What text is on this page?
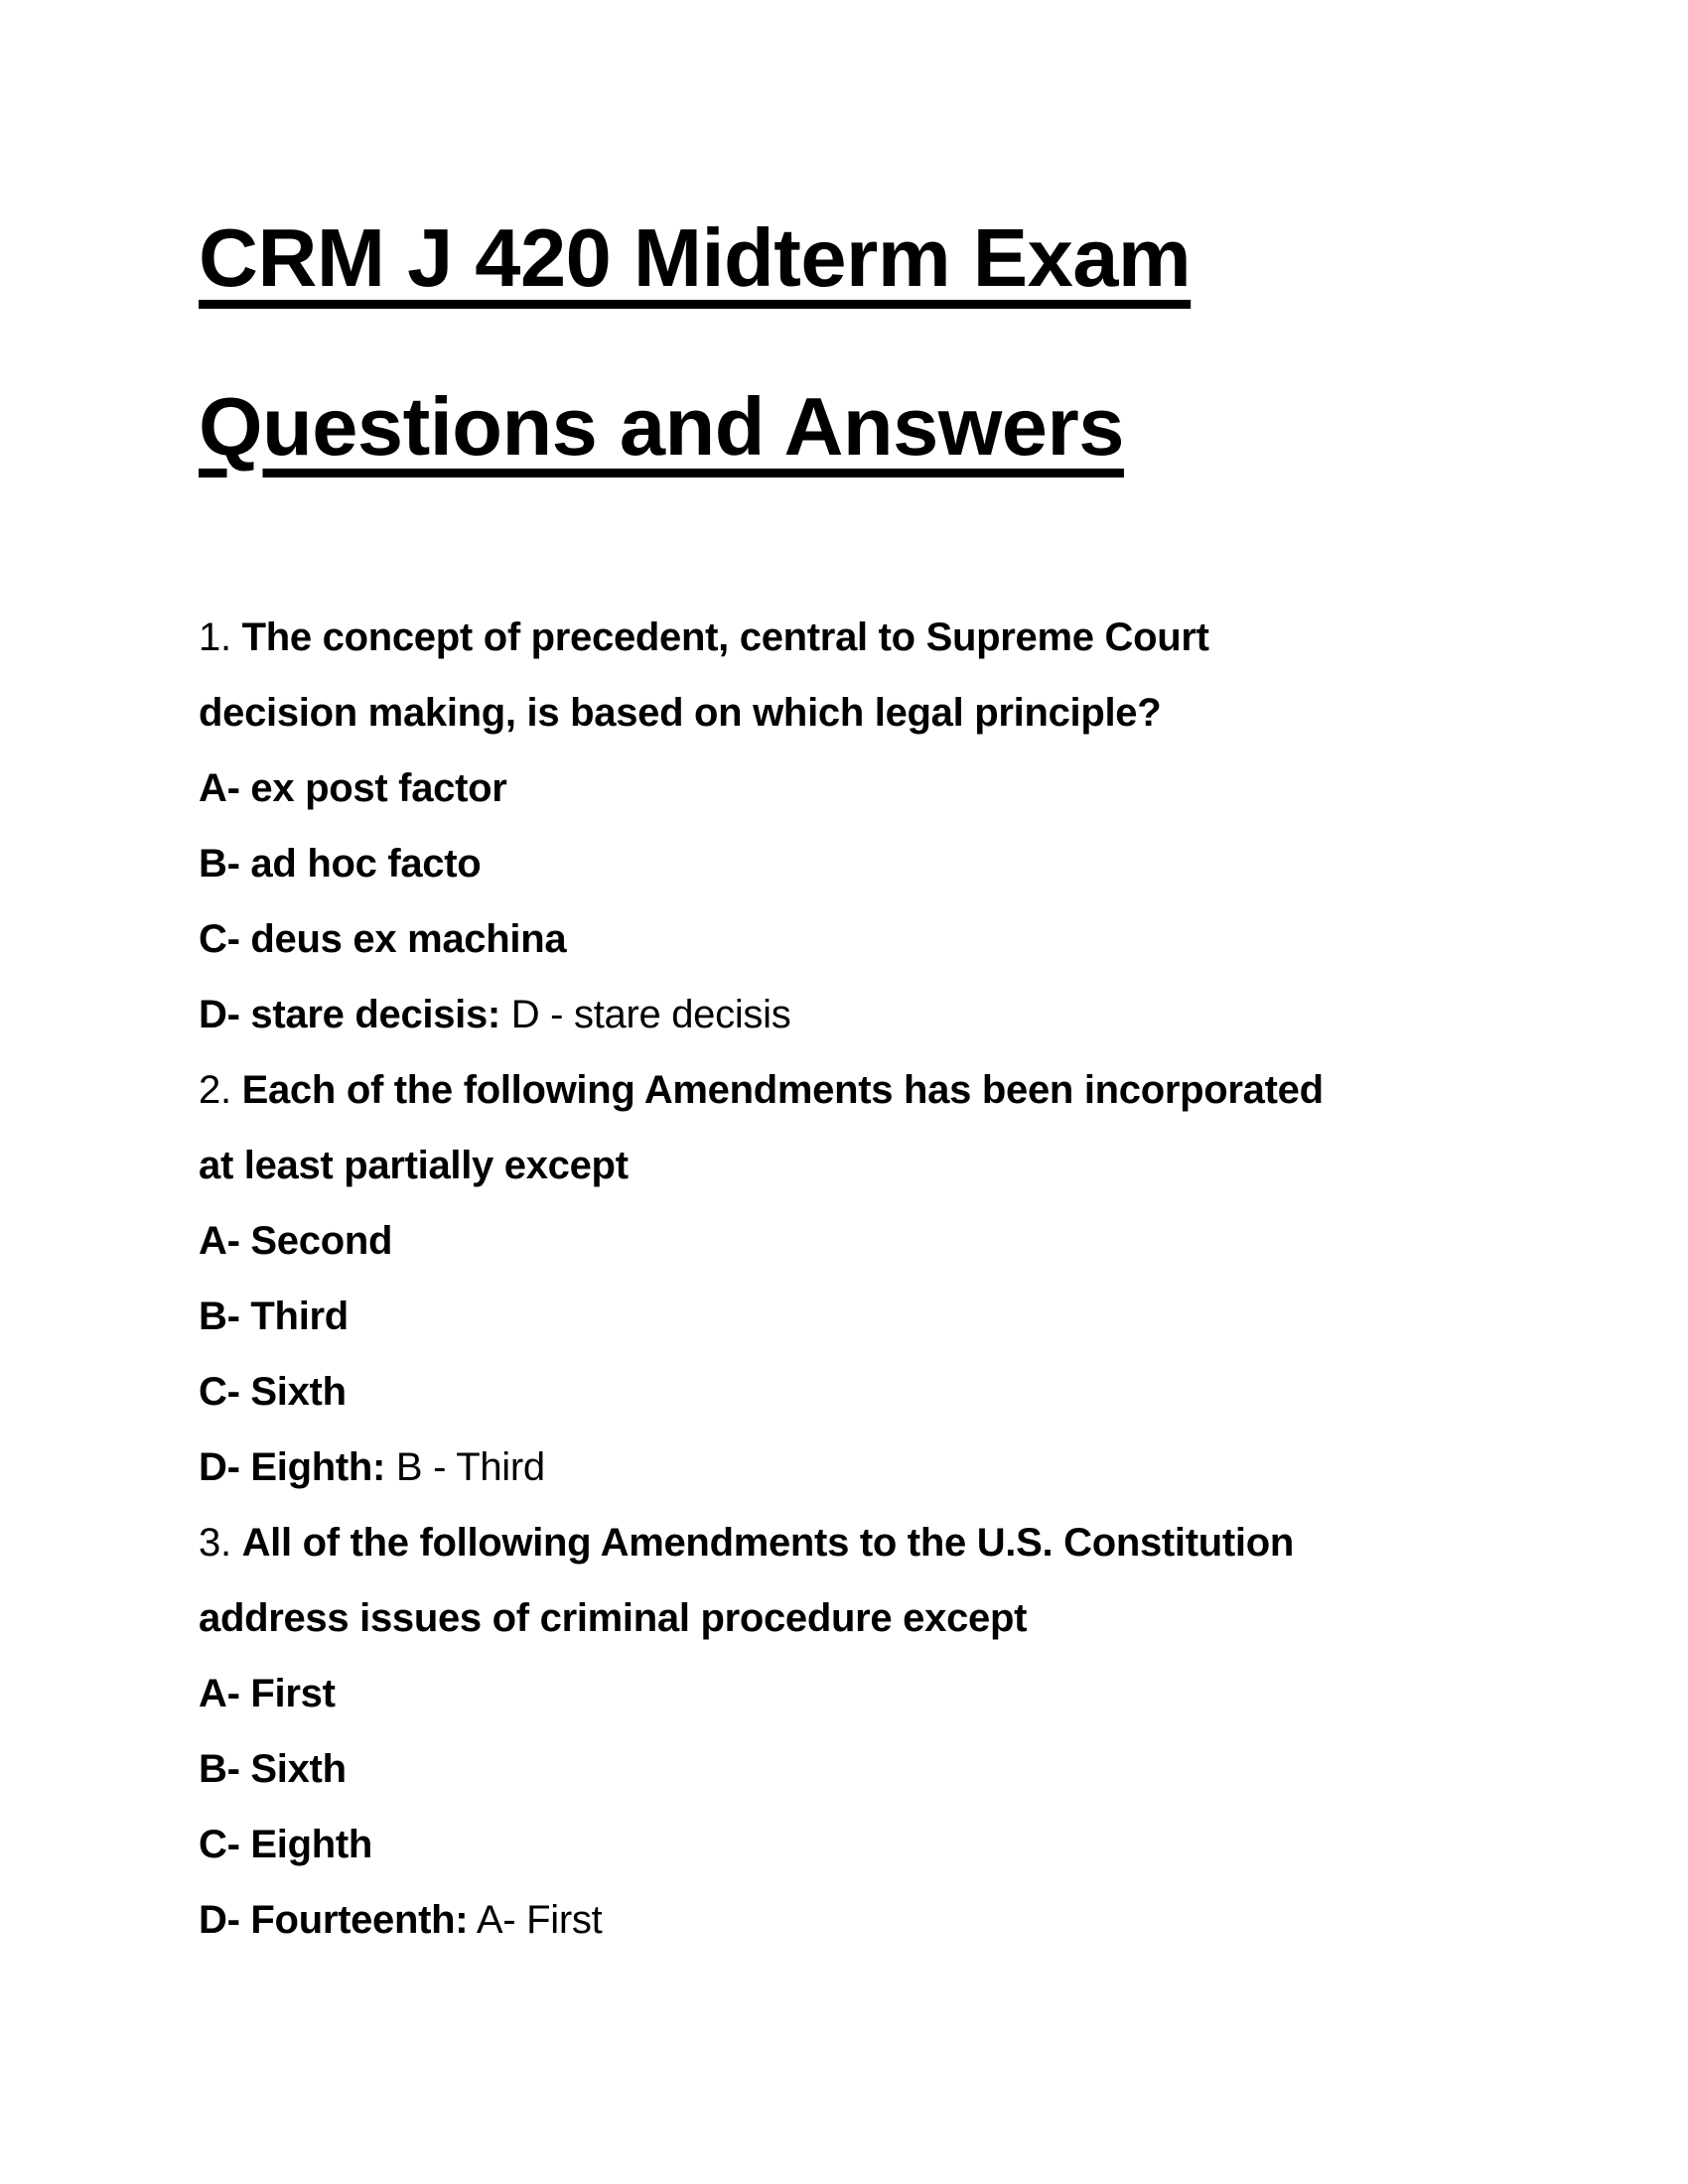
CRM J 420 Midterm Exam
Questions and Answers
1. The concept of precedent, central to Supreme Court
decision making, is based on which legal principle?
A- ex post factor
B- ad hoc facto
C- deus ex machina
D- stare decisis: D - stare decisis
2. Each of the following Amendments has been incorporated
at least partially except
A- Second
B- Third
C- Sixth
D- Eighth: B - Third
3. All of the following Amendments to the U.S. Constitution
address issues of criminal procedure except
A- First
B- Sixth
C- Eighth
D- Fourteenth: A- First
